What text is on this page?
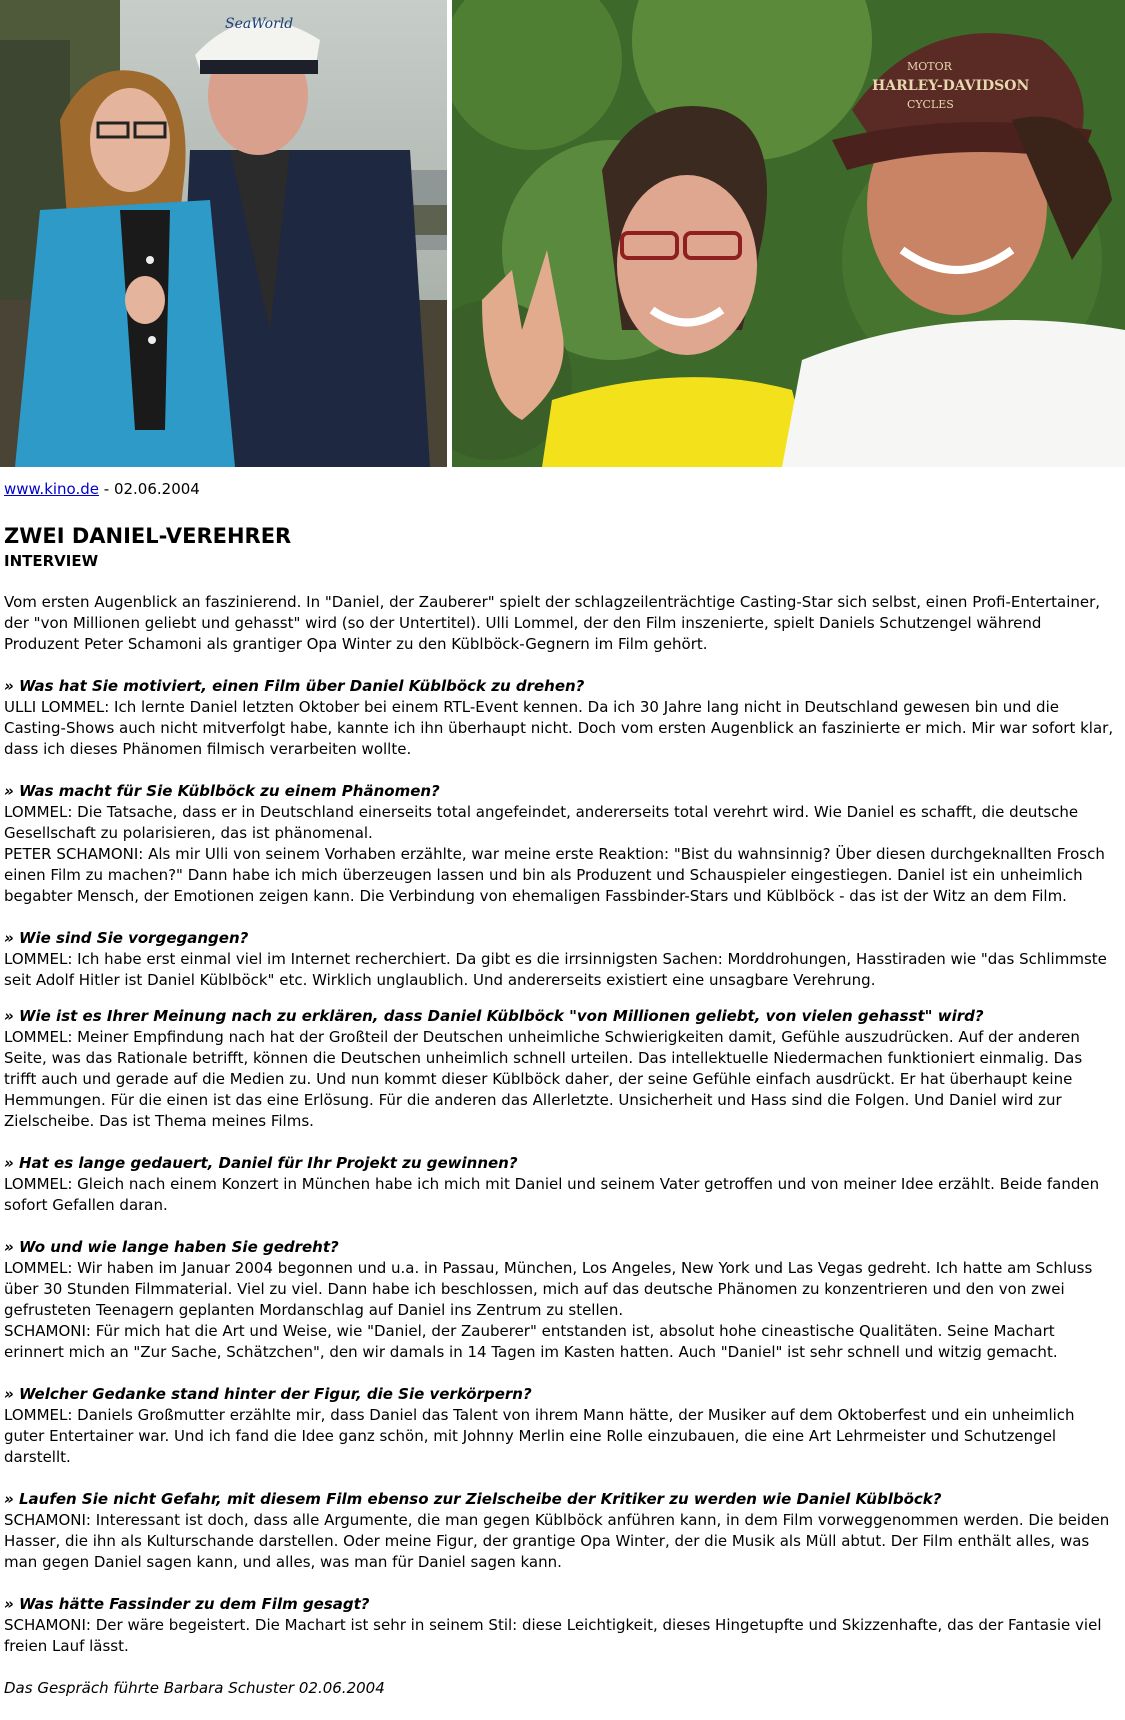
SeaWorld
MOTOR
HARLEY-DAVIDSON
CYCLES
www.kino.de - 02.06.2004
ZWEI DANIEL-VEREHRER
INTERVIEW

Vom ersten Augenblick an faszinierend. In "Daniel, der Zauberer" spielt der schlagzeilenträchtige Casting-Star sich selbst, einen Profi-Entertainer, der "von Millionen geliebt und gehasst" wird (so der Untertitel). Ulli Lommel, der den Film inszenierte, spielt Daniels Schutzengel während Produzent Peter Schamoni als grantiger Opa Winter zu den Küblböck-Gegnern im Film gehört.

» Was hat Sie motiviert, einen Film über Daniel Küblböck zu drehen?
ULLI LOMMEL: Ich lernte Daniel letzten Oktober bei einem RTL-Event kennen. Da ich 30 Jahre lang nicht in Deutschland gewesen bin und die Casting-Shows auch nicht mitverfolgt habe, kannte ich ihn überhaupt nicht. Doch vom ersten Augenblick an faszinierte er mich. Mir war sofort klar, dass ich dieses Phänomen filmisch verarbeiten wollte.

» Was macht für Sie Küblböck zu einem Phänomen?
LOMMEL: Die Tatsache, dass er in Deutschland einerseits total angefeindet, andererseits total verehrt wird. Wie Daniel es schafft, die deutsche Gesellschaft zu polarisieren, das ist phänomenal.
PETER SCHAMONI: Als mir Ulli von seinem Vorhaben erzählte, war meine erste Reaktion: "Bist du wahnsinnig? Über diesen durchgeknallten Frosch einen Film zu machen?" Dann habe ich mich überzeugen lassen und bin als Produzent und Schauspieler eingestiegen. Daniel ist ein unheimlich begabter Mensch, der Emotionen zeigen kann. Die Verbindung von ehemaligen Fassbinder-Stars und Küblböck - das ist der Witz an dem Film.

» Wie sind Sie vorgegangen?
LOMMEL: Ich habe erst einmal viel im Internet recherchiert. Da gibt es die irrsinnigsten Sachen: Morddrohungen, Hasstiraden wie "das Schlimmste seit Adolf Hitler ist Daniel Küblböck" etc. Wirklich unglaublich. Und andererseits existiert eine unsagbare Verehrung.

» Wie ist es Ihrer Meinung nach zu erklären, dass Daniel Küblböck "von Millionen geliebt, von vielen gehasst" wird?
LOMMEL: Meiner Empfindung nach hat der Großteil der Deutschen unheimliche Schwierigkeiten damit, Gefühle auszudrücken. Auf der anderen Seite, was das Rationale betrifft, können die Deutschen unheimlich schnell urteilen. Das intellektuelle Niedermachen funktioniert einmalig. Das trifft auch und gerade auf die Medien zu. Und nun kommt dieser Küblböck daher, der seine Gefühle einfach ausdrückt. Er hat überhaupt keine Hemmungen. Für die einen ist das eine Erlösung. Für die anderen das Allerletzte. Unsicherheit und Hass sind die Folgen. Und Daniel wird zur Zielscheibe. Das ist Thema meines Films.

» Hat es lange gedauert, Daniel für Ihr Projekt zu gewinnen?
LOMMEL: Gleich nach einem Konzert in München habe ich mich mit Daniel und seinem Vater getroffen und von meiner Idee erzählt. Beide fanden sofort Gefallen daran.

» Wo und wie lange haben Sie gedreht?
LOMMEL: Wir haben im Januar 2004 begonnen und u.a. in Passau, München, Los Angeles, New York und Las Vegas gedreht. Ich hatte am Schluss über 30 Stunden Filmmaterial. Viel zu viel. Dann habe ich beschlossen, mich auf das deutsche Phänomen zu konzentrieren und den von zwei gefrusteten Teenagern geplanten Mordanschlag auf Daniel ins Zentrum zu stellen.
SCHAMONI: Für mich hat die Art und Weise, wie "Daniel, der Zauberer" entstanden ist, absolut hohe cineastische Qualitäten. Seine Machart erinnert mich an "Zur Sache, Schätzchen", den wir damals in 14 Tagen im Kasten hatten. Auch "Daniel" ist sehr schnell und witzig gemacht.

» Welcher Gedanke stand hinter der Figur, die Sie verkörpern?
LOMMEL: Daniels Großmutter erzählte mir, dass Daniel das Talent von ihrem Mann hätte, der Musiker auf dem Oktoberfest und ein unheimlich guter Entertainer war. Und ich fand die Idee ganz schön, mit Johnny Merlin eine Rolle einzubauen, die eine Art Lehrmeister und Schutzengel darstellt.

» Laufen Sie nicht Gefahr, mit diesem Film ebenso zur Zielscheibe der Kritiker zu werden wie Daniel Küblböck?
SCHAMONI: Interessant ist doch, dass alle Argumente, die man gegen Küblböck anführen kann, in dem Film vorweggenommen werden. Die beiden Hasser, die ihn als Kulturschande darstellen. Oder meine Figur, der grantige Opa Winter, der die Musik als Müll abtut. Der Film enthält alles, was man gegen Daniel sagen kann, und alles, was man für Daniel sagen kann.

» Was hätte Fassinder zu dem Film gesagt?
SCHAMONI: Der wäre begeistert. Die Machart ist sehr in seinem Stil: diese Leichtigkeit, dieses Hingetupfte und Skizzenhafte, das der Fantasie viel freien Lauf lässt.

Das Gespräch führte Barbara Schuster 02.06.2004
